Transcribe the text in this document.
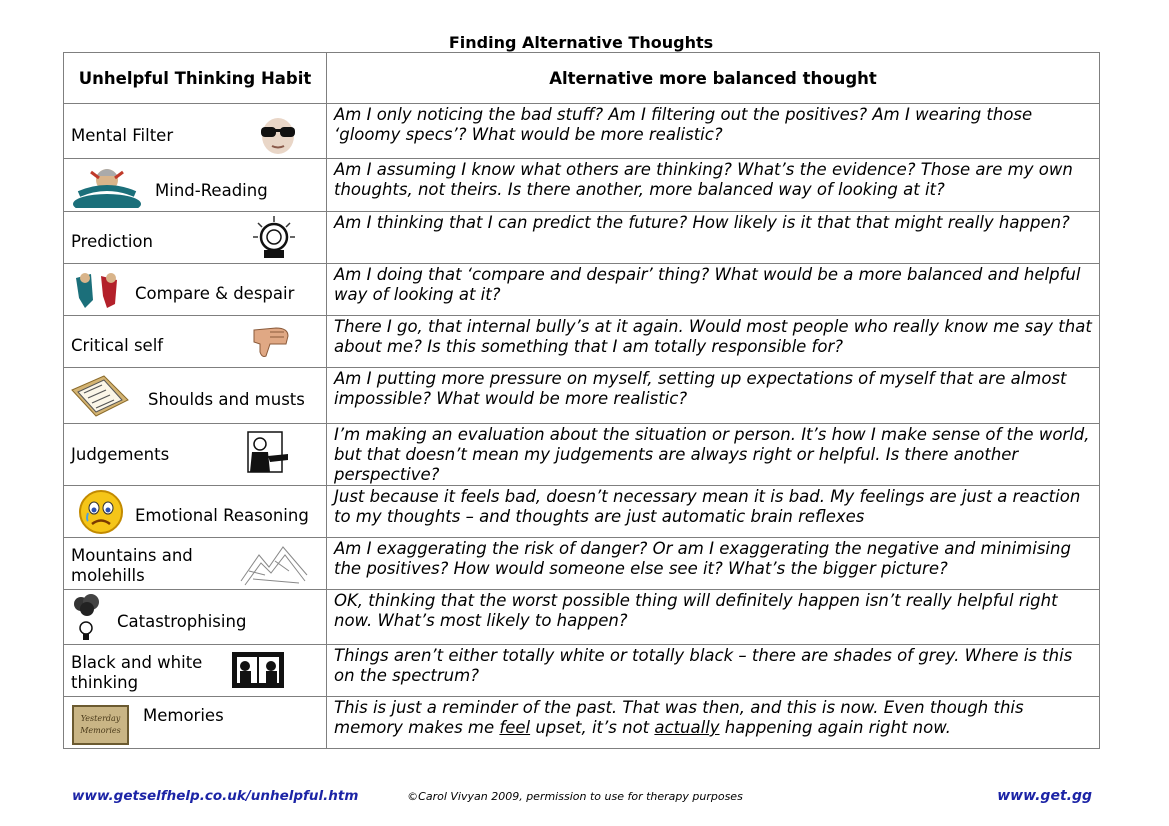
Finding Alternative Thoughts
Unhelpful Thinking Habit	Alternative more balanced thought

Mental Filter	Am I only noticing the bad stuff? Am I filtering out the positives? Am I wearing those ‘gloomy specs’? What would be more realistic?

Mind-Reading	Am I assuming I know what others are thinking? What’s the evidence? Those are my own thoughts, not theirs. Is there another, more balanced way of looking at it?

Prediction	Am I thinking that I can predict the future? How likely is it that that might really happen?

Compare & despair	Am I doing that ‘compare and despair’ thing? What would be a more balanced and helpful way of looking at it?

Critical self	There I go, that internal bully’s at it again. Would most people who really know me say that about me? Is this something that I am totally responsible for?

Shoulds and musts	Am I putting more pressure on myself, setting up expectations of myself that are almost impossible? What would be more realistic?

Judgements	I’m making an evaluation about the situation or person. It’s how I make sense of the world, but that doesn’t mean my judgements are always right or helpful. Is there another perspective?

Emotional Reasoning	Just because it feels bad, doesn’t necessary mean it is bad. My feelings are just a reaction to my thoughts – and thoughts are just automatic brain reflexes

Mountains and molehills	Am I exaggerating the risk of danger? Or am I exaggerating the negative and minimising the positives? How would someone else see it? What’s the bigger picture?

Catastrophising	OK, thinking that the worst possible thing will definitely happen isn’t really helpful right now. What’s most likely to happen?

Black and white thinking	Things aren’t either totally white or totally black – there are shades of grey. Where is this on the spectrum?

Yesterday Memories
Memories	This is just a reminder of the past. That was then, and this is now. Even though this memory makes me feel upset, it’s not actually happening again right now.
www.getselfhelp.co.uk/unhelpful.htm	©Carol Vivyan 2009, permission to use for therapy purposes	www.get.gg
